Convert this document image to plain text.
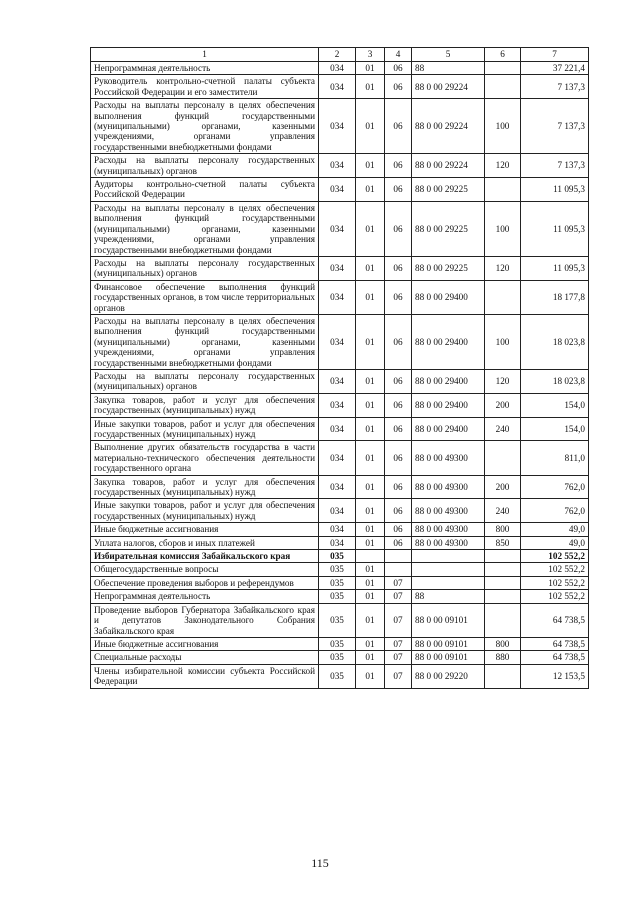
1	2	3	4	5	6	7
Непрограммная деятельность	034	01	06	88		37 221,4
Руководитель контрольно-счетной палаты субъекта Российской Федерации и его заместители	034	01	06	88 0 00 29224		7 137,3
Расходы на выплаты персоналу в целях обеспечения выполнения функций государственными (муниципальными) органами, казенными учреждениями, органами управления государственными внебюджетными фондами	034	01	06	88 0 00 29224	100	7 137,3
Расходы на выплаты персоналу государственных (муниципальных) органов	034	01	06	88 0 00 29224	120	7 137,3
Аудиторы контрольно-счетной палаты субъекта Российской Федерации	034	01	06	88 0 00 29225		11 095,3
Расходы на выплаты персоналу в целях обеспечения выполнения функций государственными (муниципальными) органами, казенными учреждениями, органами управления государственными внебюджетными фондами	034	01	06	88 0 00 29225	100	11 095,3
Расходы на выплаты персоналу государственных (муниципальных) органов	034	01	06	88 0 00 29225	120	11 095,3
Финансовое обеспечение выполнения функций государственных органов, в том числе территориальных органов	034	01	06	88 0 00 29400		18 177,8
Расходы на выплаты персоналу в целях обеспечения выполнения функций государственными (муниципальными) органами, казенными учреждениями, органами управления государственными внебюджетными фондами	034	01	06	88 0 00 29400	100	18 023,8
Расходы на выплаты персоналу государственных (муниципальных) органов	034	01	06	88 0 00 29400	120	18 023,8
Закупка товаров, работ и услуг для обеспечения государственных (муниципальных) нужд	034	01	06	88 0 00 29400	200	154,0
Иные закупки товаров, работ и услуг для обеспечения государственных (муниципальных) нужд	034	01	06	88 0 00 29400	240	154,0
Выполнение других обязательств государства в части материально-технического обеспечения деятельности государственного органа	034	01	06	88 0 00 49300		811,0
Закупка товаров, работ и услуг для обеспечения государственных (муниципальных) нужд	034	01	06	88 0 00 49300	200	762,0
Иные закупки товаров, работ и услуг для обеспечения государственных (муниципальных) нужд	034	01	06	88 0 00 49300	240	762,0
Иные бюджетные ассигнования	034	01	06	88 0 00 49300	800	49,0
Уплата налогов, сборов и иных платежей	034	01	06	88 0 00 49300	850	49,0
Избирательная комиссия Забайкальского края	035					102 552,2
Общегосударственные вопросы	035	01				102 552,2
Обеспечение проведения выборов и референдумов	035	01	07			102 552,2
Непрограммная деятельность	035	01	07	88		102 552,2
Проведение выборов Губернатора Забайкальского края и депутатов Законодательного Собрания Забайкальского края	035	01	07	88 0 00 09101		64 738,5
Иные бюджетные ассигнования	035	01	07	88 0 00 09101	800	64 738,5
Специальные расходы	035	01	07	88 0 00 09101	880	64 738,5
Члены избирательной комиссии субъекта Российской Федерации	035	01	07	88 0 00 29220		12 153,5
115
